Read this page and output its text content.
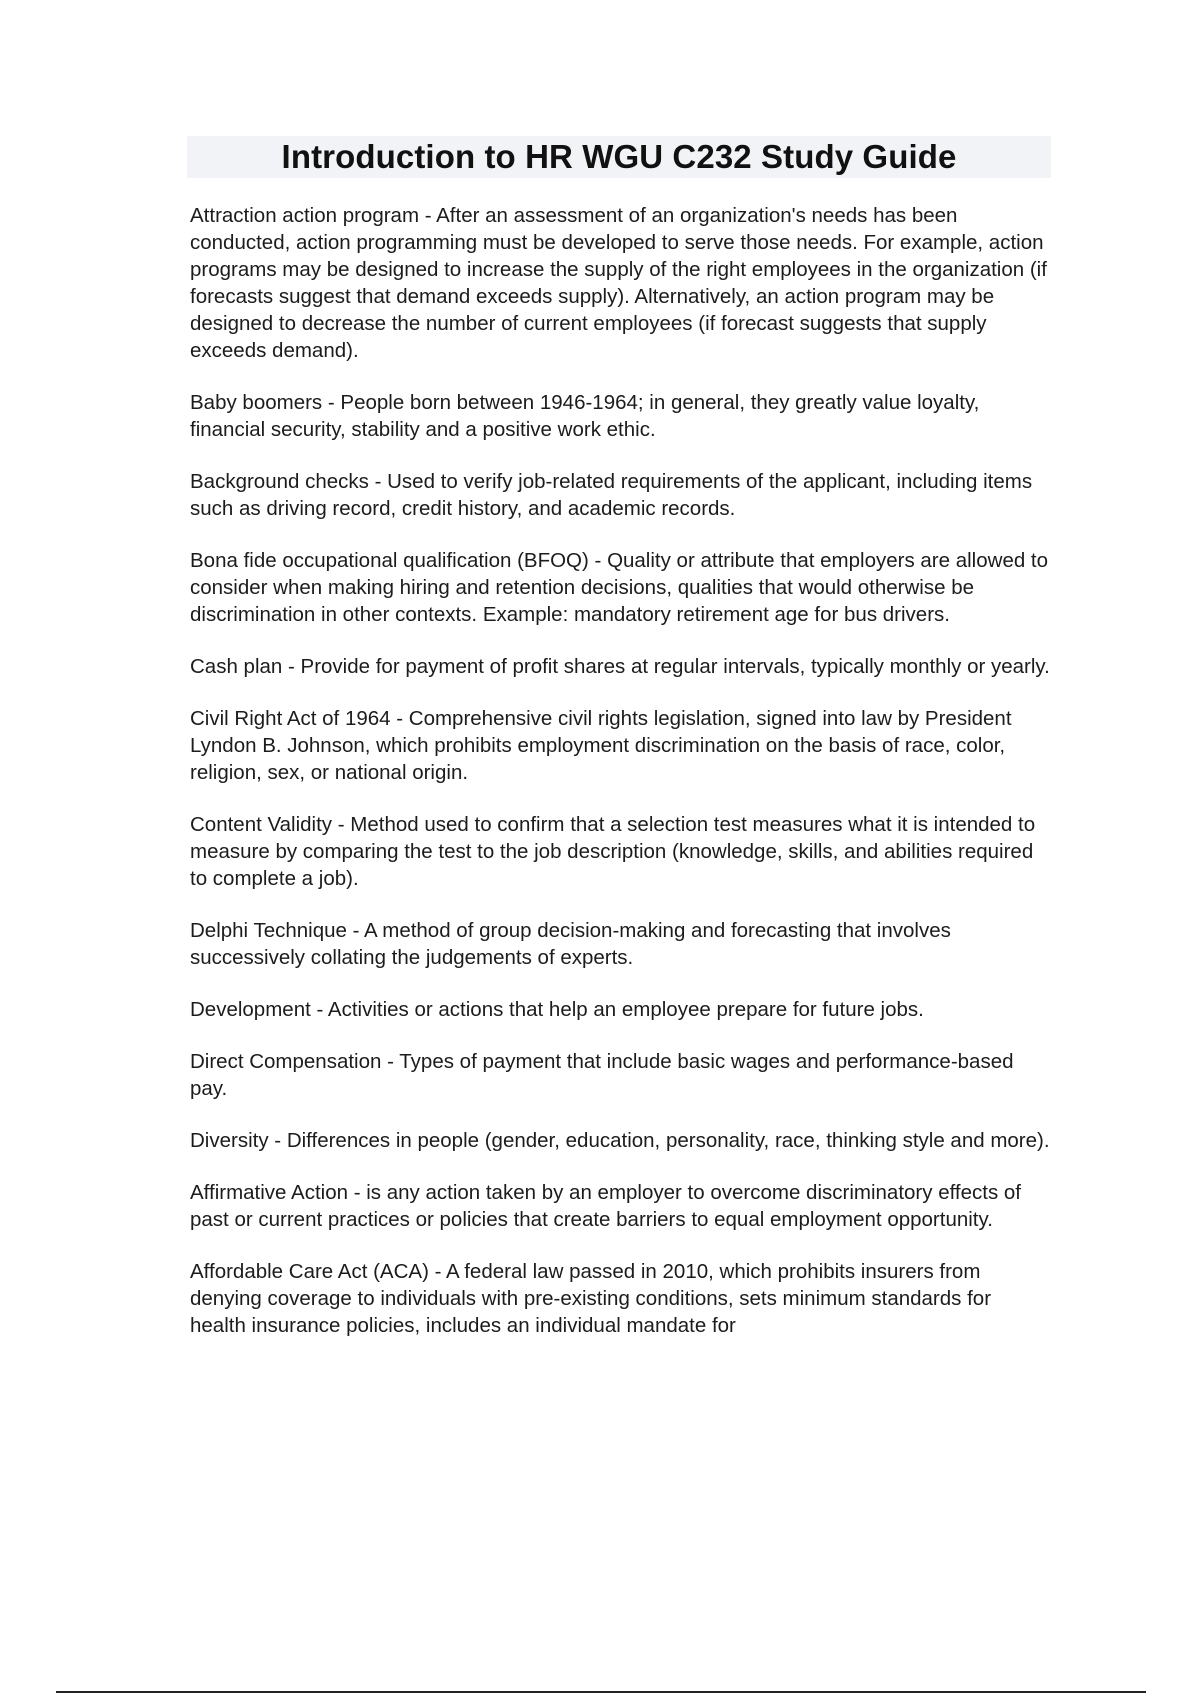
Introduction to HR WGU C232 Study Guide

Attraction action program - After an assessment of an organization's needs has been conducted, action programming must be developed to serve those needs. For example, action programs may be designed to increase the supply of the right employees in the organization (if forecasts suggest that demand exceeds supply). Alternatively, an action program may be designed to decrease the number of current employees (if forecast suggests that supply exceeds demand).

Baby boomers - People born between 1946-1964; in general, they greatly value loyalty, financial security, stability and a positive work ethic.

Background checks - Used to verify job-related requirements of the applicant, including items such as driving record, credit history, and academic records.

Bona fide occupational qualification (BFOQ) - Quality or attribute that employers are allowed to consider when making hiring and retention decisions, qualities that would otherwise be discrimination in other contexts. Example: mandatory retirement age for bus drivers.

Cash plan - Provide for payment of profit shares at regular intervals, typically monthly or yearly.

Civil Right Act of 1964 - Comprehensive civil rights legislation, signed into law by President Lyndon B. Johnson, which prohibits employment discrimination on the basis of race, color, religion, sex, or national origin.

Content Validity - Method used to confirm that a selection test measures what it is intended to measure by comparing the test to the job description (knowledge, skills, and abilities required to complete a job).

Delphi Technique - A method of group decision-making and forecasting that involves successively collating the judgements of experts.

Development - Activities or actions that help an employee prepare for future jobs.

Direct Compensation - Types of payment that include basic wages and performance-based pay.

Diversity - Differences in people (gender, education, personality, race, thinking style and more).

Affirmative Action - is any action taken by an employer to overcome discriminatory effects of past or current practices or policies that create barriers to equal employment opportunity.

Affordable Care Act (ACA) - A federal law passed in 2010, which prohibits insurers from denying coverage to individuals with pre-existing conditions, sets minimum standards for health insurance policies, includes an individual mandate for
